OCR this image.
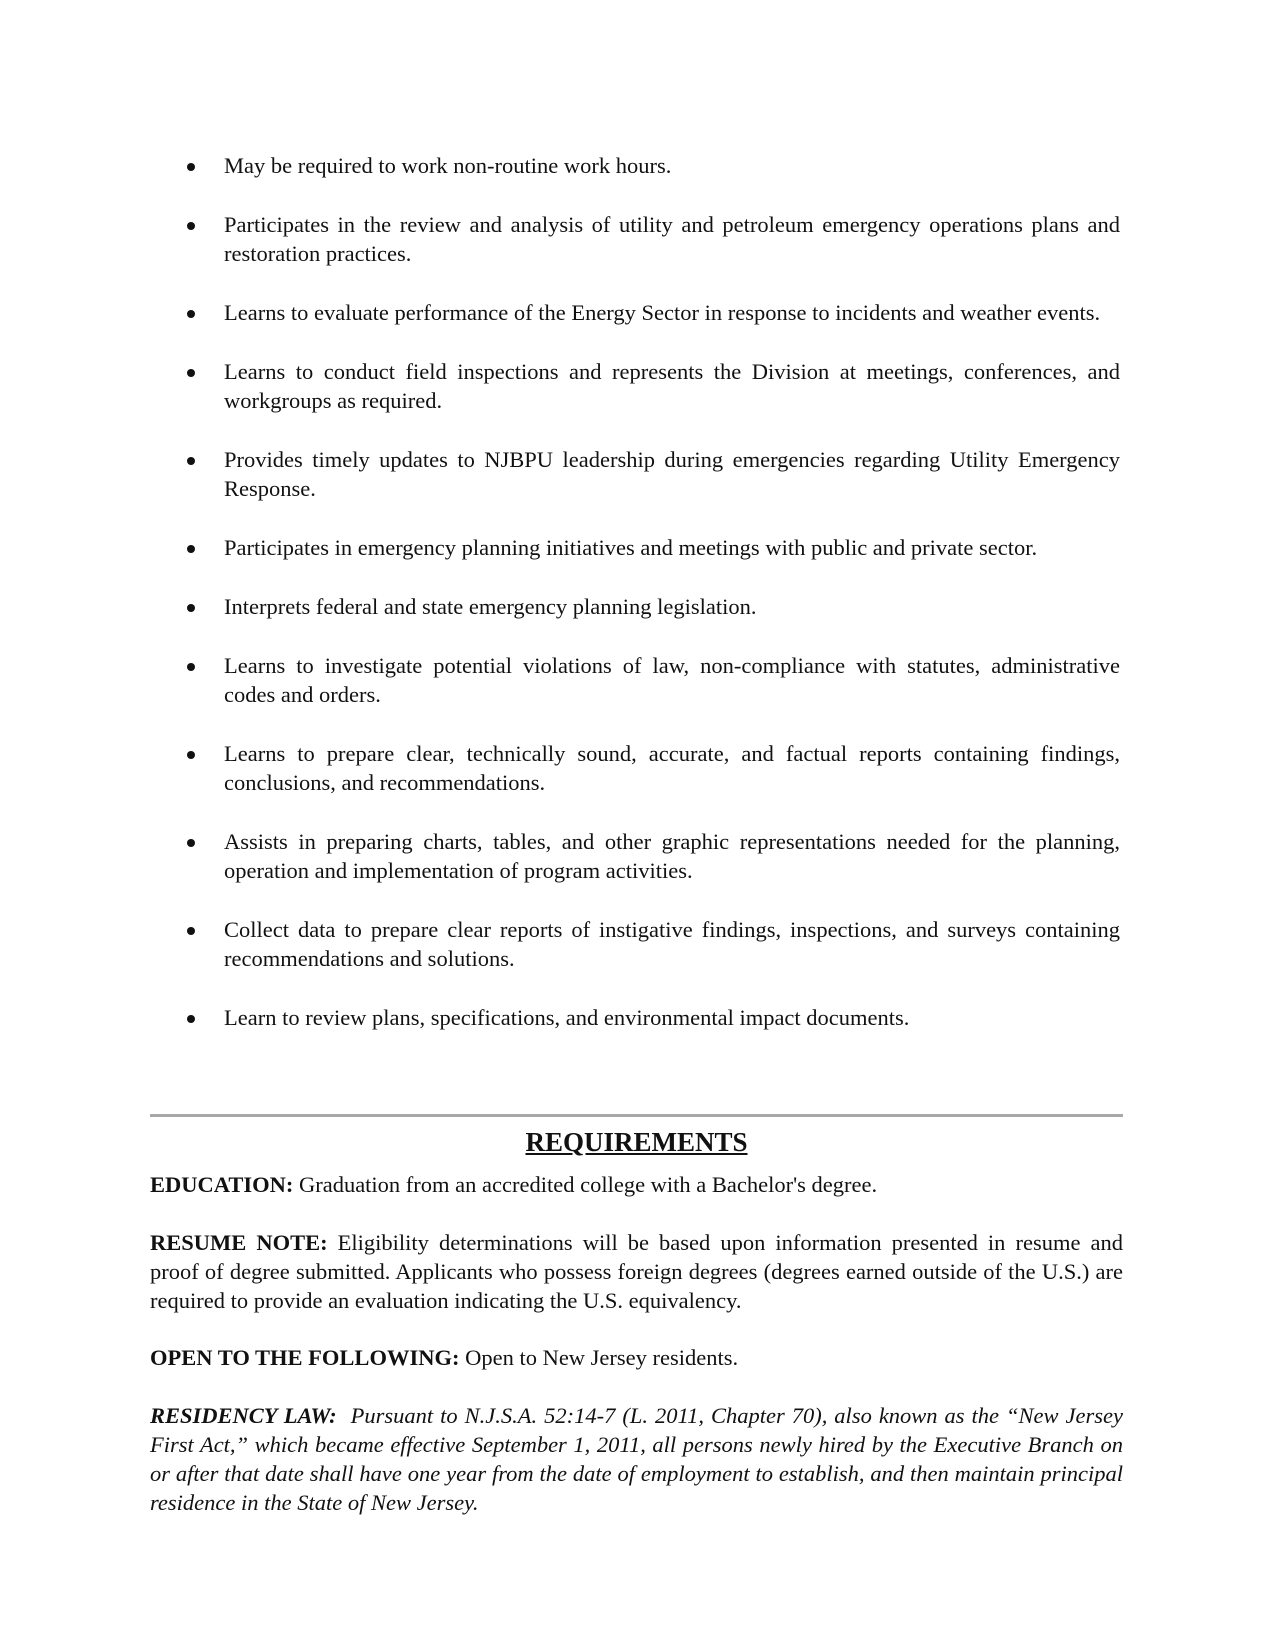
May be required to work non-routine work hours.
Participates in the review and analysis of utility and petroleum emergency operations plans and restoration practices.
Learns to evaluate performance of the Energy Sector in response to incidents and weather events.
Learns to conduct field inspections and represents the Division at meetings, conferences, and workgroups as required.
Provides timely updates to NJBPU leadership during emergencies regarding Utility Emergency Response.
Participates in emergency planning initiatives and meetings with public and private sector.
Interprets federal and state emergency planning legislation.
Learns to investigate potential violations of law, non-compliance with statutes, administrative codes and orders.
Learns to prepare clear, technically sound, accurate, and factual reports containing findings, conclusions, and recommendations.
Assists in preparing charts, tables, and other graphic representations needed for the planning, operation and implementation of program activities.
Collect data to prepare clear reports of instigative findings, inspections, and surveys containing recommendations and solutions.
Learn to review plans, specifications, and environmental impact documents.
REQUIREMENTS

EDUCATION: Graduation from an accredited college with a Bachelor's degree.

RESUME NOTE: Eligibility determinations will be based upon information presented in resume and proof of degree submitted. Applicants who possess foreign degrees (degrees earned outside of the U.S.) are required to provide an evaluation indicating the U.S. equivalency.

OPEN TO THE FOLLOWING: Open to New Jersey residents.

RESIDENCY LAW: Pursuant to N.J.S.A. 52:14-7 (L. 2011, Chapter 70), also known as the “New Jersey First Act,” which became effective September 1, 2011, all persons newly hired by the Executive Branch on or after that date shall have one year from the date of employment to establish, and then maintain principal residence in the State of New Jersey.
